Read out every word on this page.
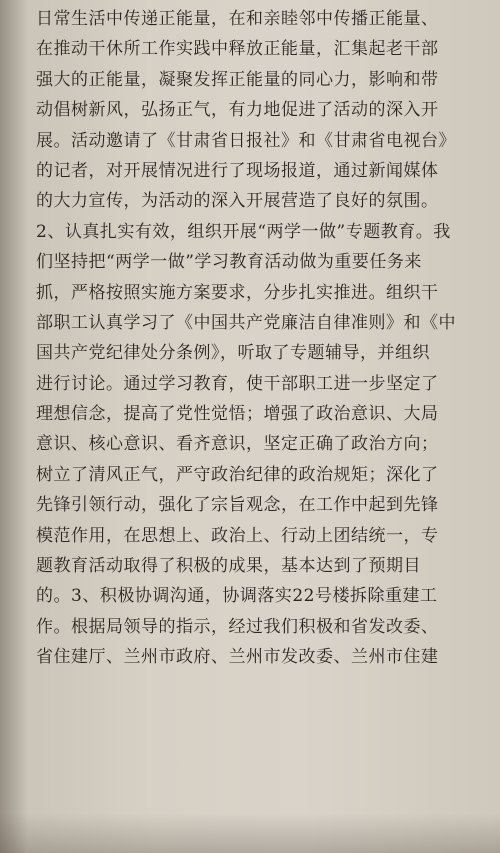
日常生活中传递正能量，在和亲睦邻中传播正能量、
在推动干休所工作实践中释放正能量，汇集起老干部
强大的正能量，凝聚发挥正能量的同心力，影响和带
动倡树新风，弘扬正气，有力地促进了活动的深入开
展。活动邀请了《甘肃省日报社》和《甘肃省电视台》
的记者，对开展情况进行了现场报道，通过新闻媒体
的大力宣传，为活动的深入开展营造了良好的氛围。
2、认真扎实有效，组织开展“两学一做”专题教育。我
们坚持把“两学一做”学习教育活动做为重要任务来
抓，严格按照实施方案要求，分步扎实推进。组织干
部职工认真学习了《中国共产党廉洁自律准则》和《中
国共产党纪律处分条例》，听取了专题辅导，并组织
进行讨论。通过学习教育，使干部职工进一步坚定了
理想信念，提高了党性觉悟；增强了政治意识、大局
意识、核心意识、看齐意识，坚定正确了政治方向；
树立了清风正气，严守政治纪律的政治规矩；深化了
先锋引领行动，强化了宗旨观念，在工作中起到先锋
模范作用，在思想上、政治上、行动上团结统一，专
题教育活动取得了积极的成果，基本达到了预期目
的。3、积极协调沟通，协调落实22号楼拆除重建工
作。根据局领导的指示，经过我们积极和省发改委、
省住建厅、兰州市政府、兰州市发改委、兰州市住建
